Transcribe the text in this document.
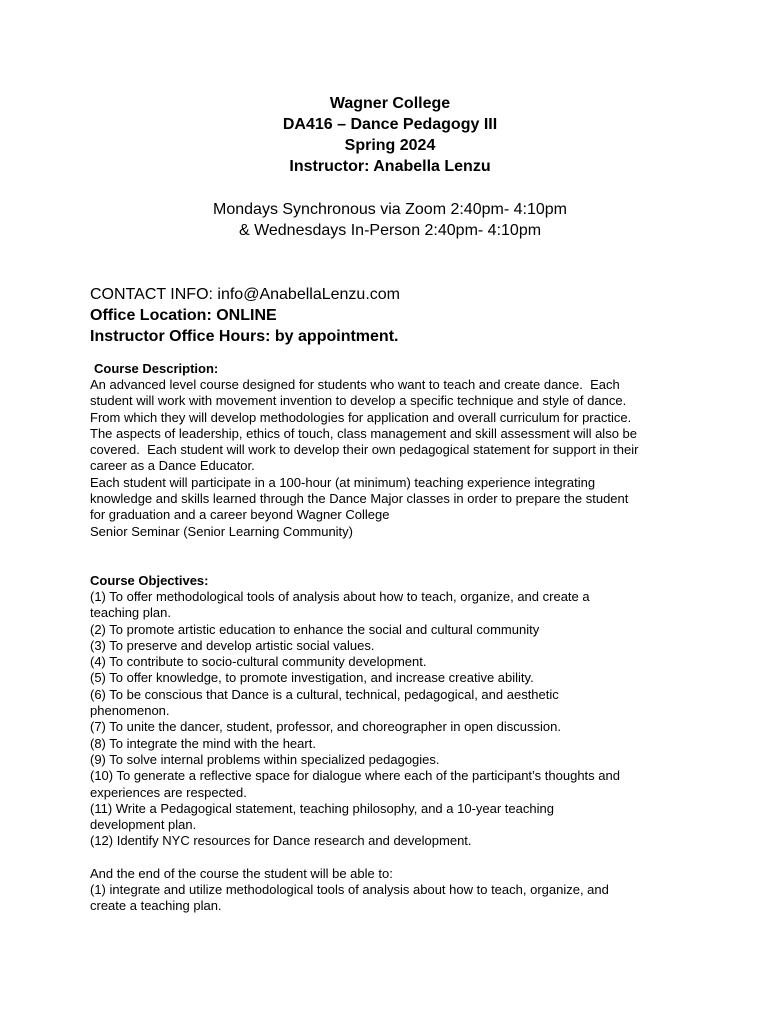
Wagner College
DA416 – Dance Pedagogy III
Spring 2024
Instructor: Anabella Lenzu
Mondays Synchronous via Zoom 2:40pm- 4:10pm
& Wednesdays In-Person 2:40pm- 4:10pm
CONTACT INFO: info@AnabellaLenzu.com
Office Location: ONLINE
Instructor Office Hours: by appointment.
Course Description:
An advanced level course designed for students who want to teach and create dance.  Each
student will work with movement invention to develop a specific technique and style of dance.
From which they will develop methodologies for application and overall curriculum for practice.
The aspects of leadership, ethics of touch, class management and skill assessment will also be
covered.  Each student will work to develop their own pedagogical statement for support in their
career as a Dance Educator.
Each student will participate in a 100-hour (at minimum) teaching experience integrating
knowledge and skills learned through the Dance Major classes in order to prepare the student
for graduation and a career beyond Wagner College
Senior Seminar (Senior Learning Community)
Course Objectives:
(1) To offer methodological tools of analysis about how to teach, organize, and create a
teaching plan.
(2) To promote artistic education to enhance the social and cultural community
(3) To preserve and develop artistic social values.
(4) To contribute to socio-cultural community development.
(5) To offer knowledge, to promote investigation, and increase creative ability.
(6) To be conscious that Dance is a cultural, technical, pedagogical, and aesthetic
phenomenon.
(7) To unite the dancer, student, professor, and choreographer in open discussion.
(8) To integrate the mind with the heart.
(9) To solve internal problems within specialized pedagogies.
(10) To generate a reflective space for dialogue where each of the participant’s thoughts and
experiences are respected.
(11) Write a Pedagogical statement, teaching philosophy, and a 10-year teaching
development plan.
(12) Identify NYC resources for Dance research and development.
And the end of the course the student will be able to:
(1) integrate and utilize methodological tools of analysis about how to teach, organize, and
create a teaching plan.
